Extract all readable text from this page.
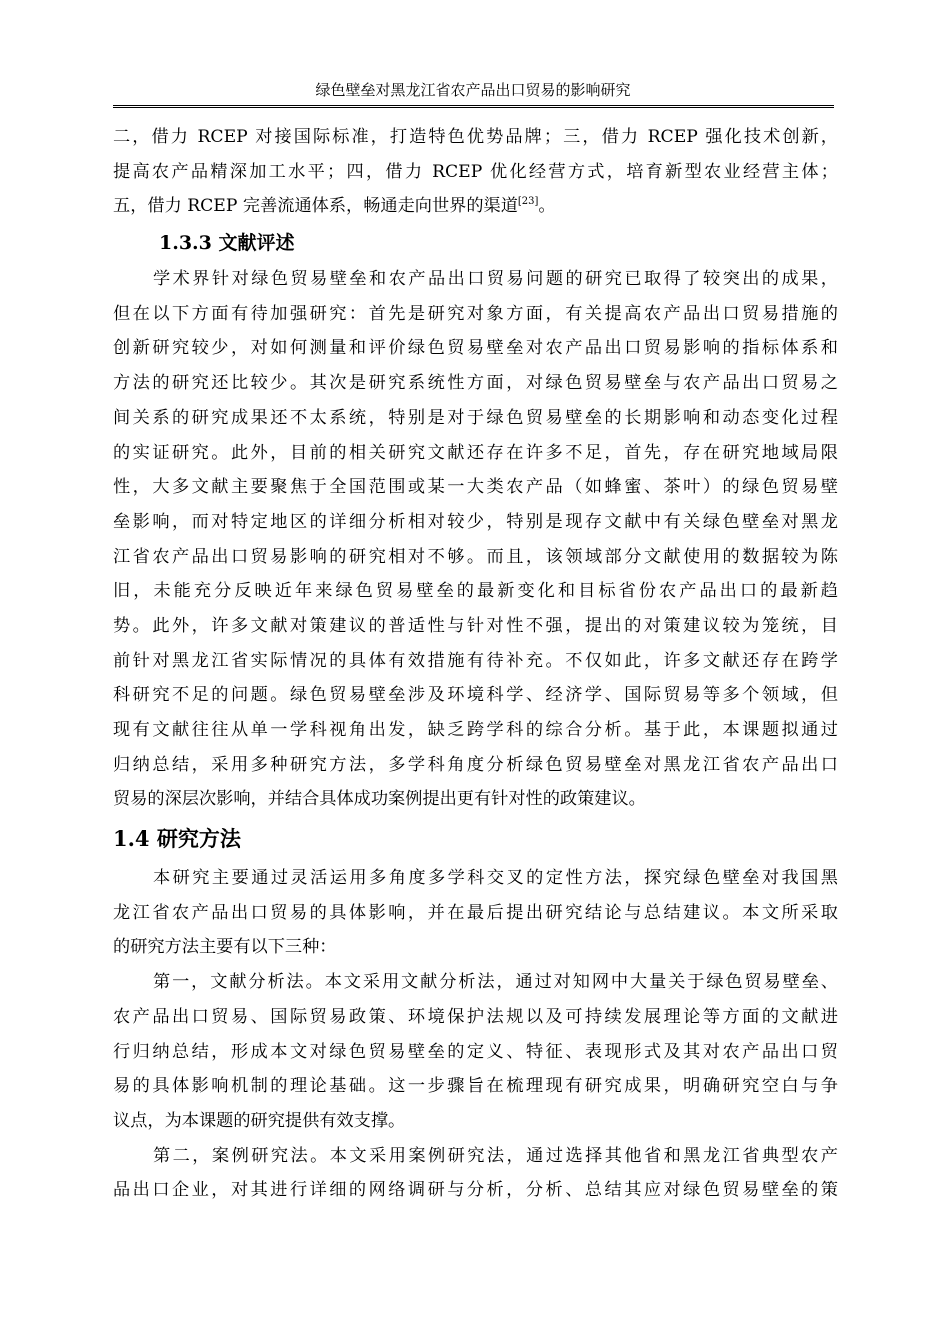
绿色壁垒对黑龙江省农产品出口贸易的影响研究
二，借力 RCEP 对接国际标准，打造特色优势品牌；三，借力 RCEP 强化技术创新，
提高农产品精深加工水平；四，借力 RCEP 优化经营方式，培育新型农业经营主体；
五，借力 RCEP 完善流通体系，畅通走向世界的渠道[23]。
1.3.3 文献评述
学术界针对绿色贸易壁垒和农产品出口贸易问题的研究已取得了较突出的成果，
但在以下方面有待加强研究：首先是研究对象方面，有关提高农产品出口贸易措施的
创新研究较少，对如何测量和评价绿色贸易壁垒对农产品出口贸易影响的指标体系和
方法的研究还比较少。其次是研究系统性方面，对绿色贸易壁垒与农产品出口贸易之
间关系的研究成果还不太系统，特别是对于绿色贸易壁垒的长期影响和动态变化过程
的实证研究。此外，目前的相关研究文献还存在许多不足，首先，存在研究地域局限
性，大多文献主要聚焦于全国范围或某一大类农产品（如蜂蜜、茶叶）的绿色贸易壁
垒影响，而对特定地区的详细分析相对较少，特别是现存文献中有关绿色壁垒对黑龙
江省农产品出口贸易影响的研究相对不够。而且，该领域部分文献使用的数据较为陈
旧，未能充分反映近年来绿色贸易壁垒的最新变化和目标省份农产品出口的最新趋
势。此外，许多文献对策建议的普适性与针对性不强，提出的对策建议较为笼统，目
前针对黑龙江省实际情况的具体有效措施有待补充。不仅如此，许多文献还存在跨学
科研究不足的问题。绿色贸易壁垒涉及环境科学、经济学、国际贸易等多个领域，但
现有文献往往从单一学科视角出发，缺乏跨学科的综合分析。基于此，本课题拟通过
归纳总结，采用多种研究方法，多学科角度分析绿色贸易壁垒对黑龙江省农产品出口
贸易的深层次影响，并结合具体成功案例提出更有针对性的政策建议。
1.4 研究方法
本研究主要通过灵活运用多角度多学科交叉的定性方法，探究绿色壁垒对我国黑
龙江省农产品出口贸易的具体影响，并在最后提出研究结论与总结建议。本文所采取
的研究方法主要有以下三种：
第一，文献分析法。本文采用文献分析法，通过对知网中大量关于绿色贸易壁垒、
农产品出口贸易、国际贸易政策、环境保护法规以及可持续发展理论等方面的文献进
行归纳总结，形成本文对绿色贸易壁垒的定义、特征、表现形式及其对农产品出口贸
易的具体影响机制的理论基础。这一步骤旨在梳理现有研究成果，明确研究空白与争
议点，为本课题的研究提供有效支撑。
第二，案例研究法。本文采用案例研究法，通过选择其他省和黑龙江省典型农产
品出口企业，对其进行详细的网络调研与分析，分析、总结其应对绿色贸易壁垒的策
